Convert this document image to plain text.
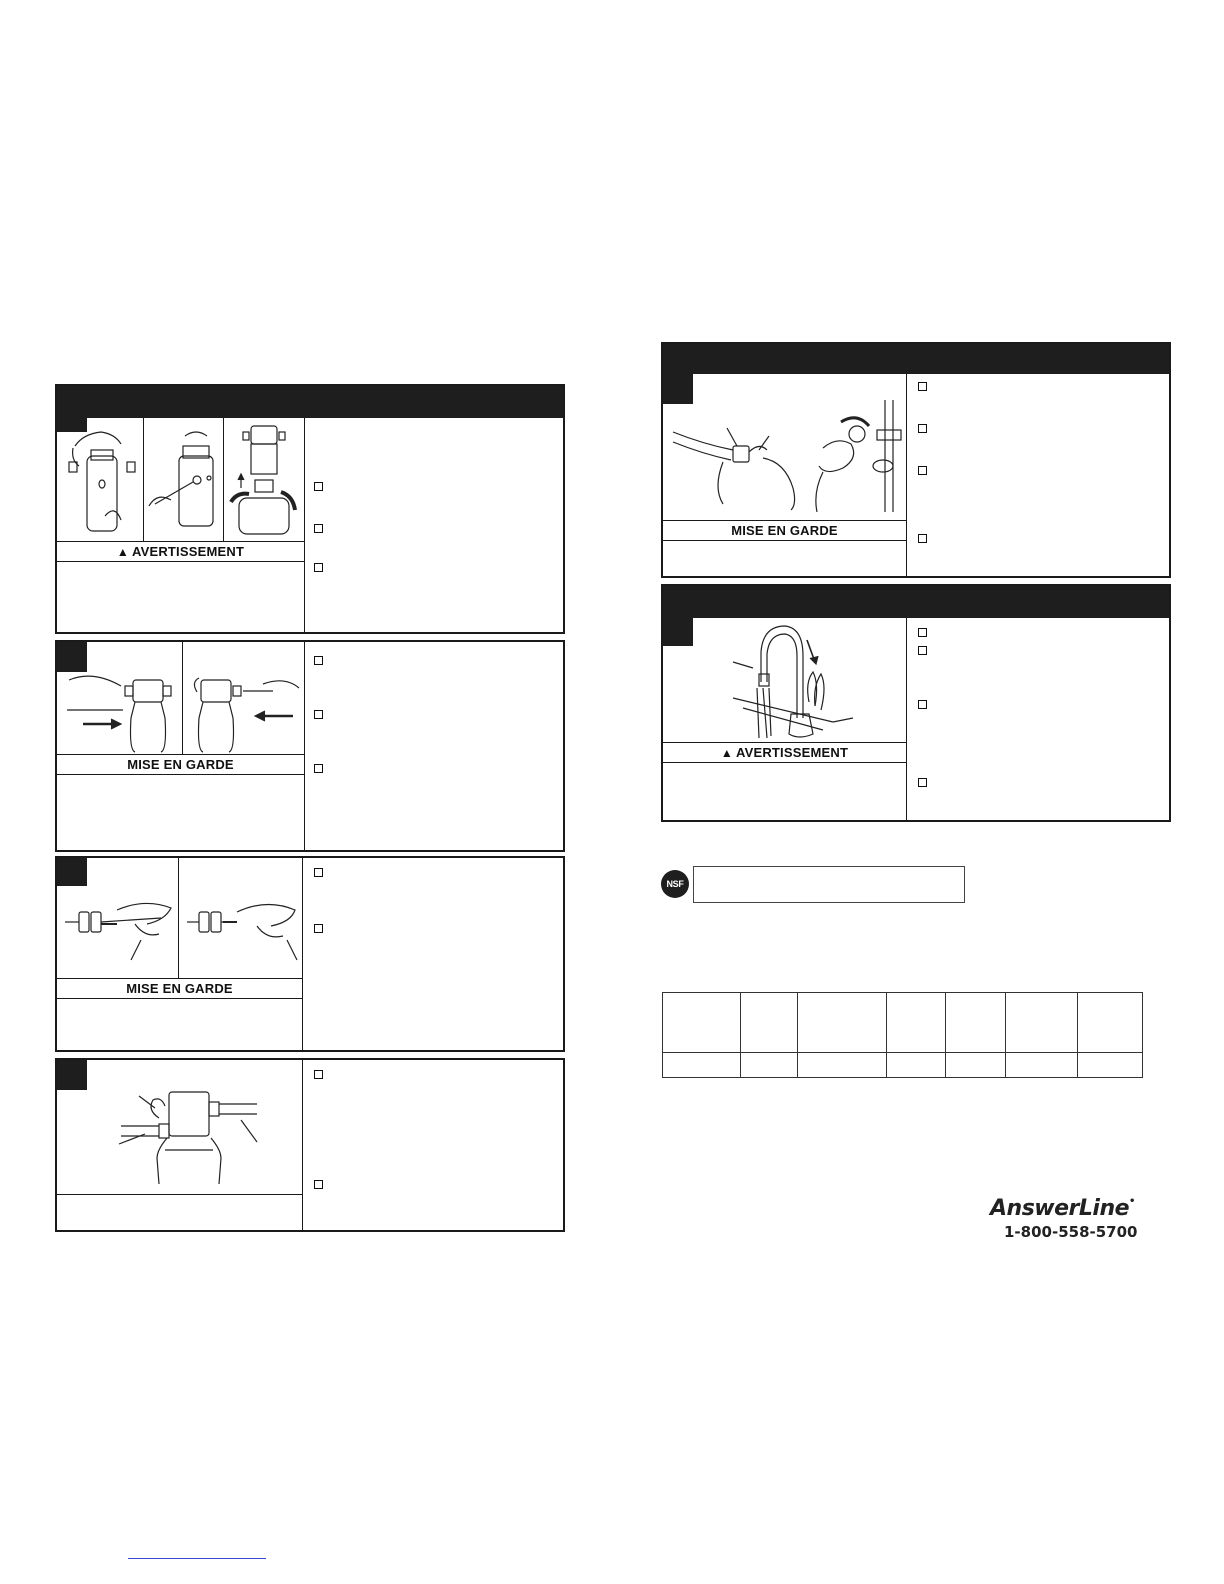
▲ AVERTISSEMENT
MISE EN GARDE
MISE EN GARDE
MISE EN GARDE
▲ AVERTISSEMENT
NSF

AnswerLine•
1-800-558-5700
